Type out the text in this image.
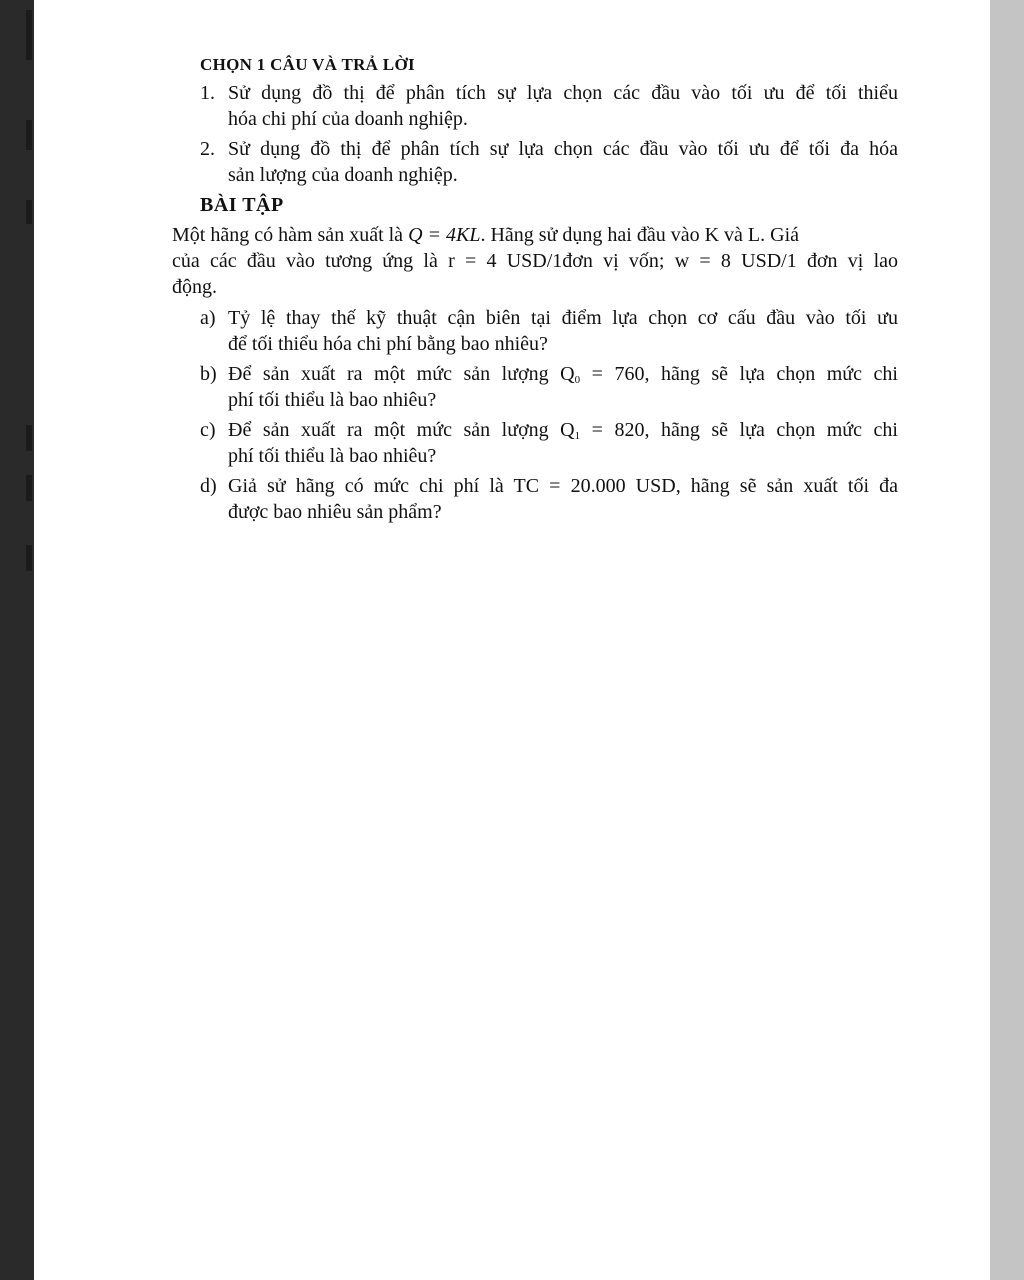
CHỌN 1 CÂU VÀ TRẢ LỜI
1. Sử dụng đồ thị để phân tích sự lựa chọn các đầu vào tối ưu để tối thiểu
hóa chi phí của doanh nghiệp.
2. Sử dụng đồ thị để phân tích sự lựa chọn các đầu vào tối ưu để tối đa hóa
sản lượng của doanh nghiệp.
BÀI TẬP
Một hãng có hàm sản xuất là Q = 4KL. Hãng sử dụng hai đầu vào K và L. Giá
của các đầu vào tương ứng là r = 4 USD/1đơn vị vốn; w = 8 USD/1 đơn vị lao
động.
a) Tỷ lệ thay thế kỹ thuật cận biên tại điểm lựa chọn cơ cấu đầu vào tối ưu
để tối thiểu hóa chi phí bằng bao nhiêu?
b) Để sản xuất ra một mức sản lượng $Q_0 = 760$, hãng sẽ lựa chọn mức chi
phí tối thiểu là bao nhiêu?
c) Để sản xuất ra một mức sản lượng $Q_1 = 820$, hãng sẽ lựa chọn mức chi
phí tối thiểu là bao nhiêu?
d) Giả sử hãng có mức chi phí là TC = 20.000 USD, hãng sẽ sản xuất tối đa
được bao nhiêu sản phẩm?
